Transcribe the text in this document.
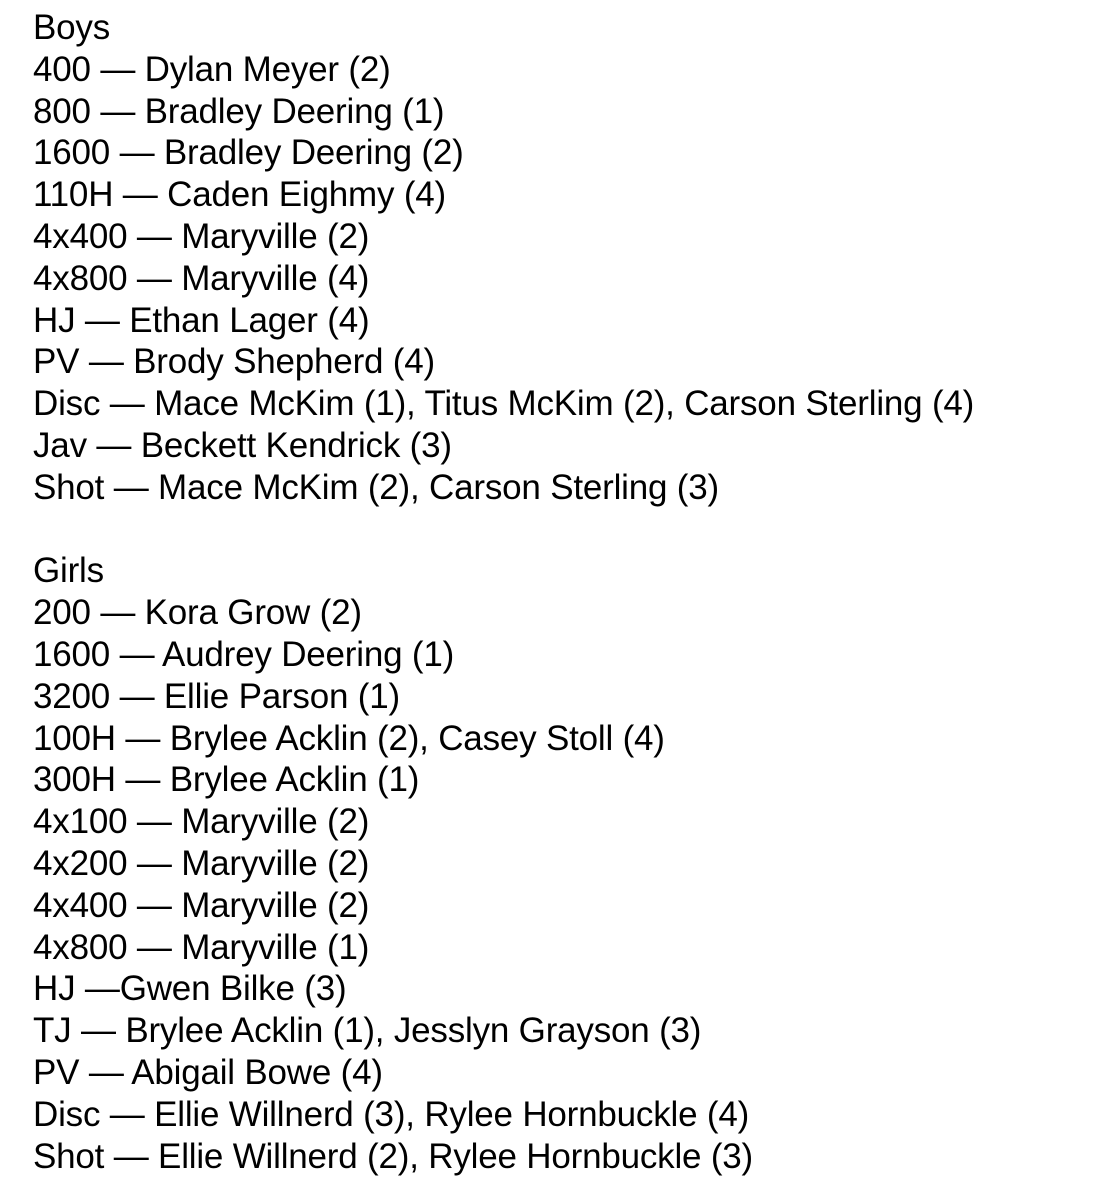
Boys
400 — Dylan Meyer (2)
800 — Bradley Deering (1)
1600 — Bradley Deering (2)
110H — Caden Eighmy (4)
4x400 — Maryville (2)
4x800 — Maryville (4)
HJ — Ethan Lager (4)
PV — Brody Shepherd (4)
Disc — Mace McKim (1), Titus McKim (2), Carson Sterling (4)
Jav — Beckett Kendrick (3)
Shot — Mace McKim (2), Carson Sterling (3)
Girls
200 — Kora Grow (2)
1600 — Audrey Deering (1)
3200 — Ellie Parson (1)
100H — Brylee Acklin (2), Casey Stoll (4)
300H — Brylee Acklin (1)
4x100 — Maryville (2)
4x200 — Maryville (2)
4x400 — Maryville (2)
4x800 — Maryville (1)
HJ —Gwen Bilke (3)
TJ — Brylee Acklin (1), Jesslyn Grayson (3)
PV — Abigail Bowe (4)
Disc — Ellie Willnerd (3), Rylee Hornbuckle (4)
Shot — Ellie Willnerd (2), Rylee Hornbuckle (3)
